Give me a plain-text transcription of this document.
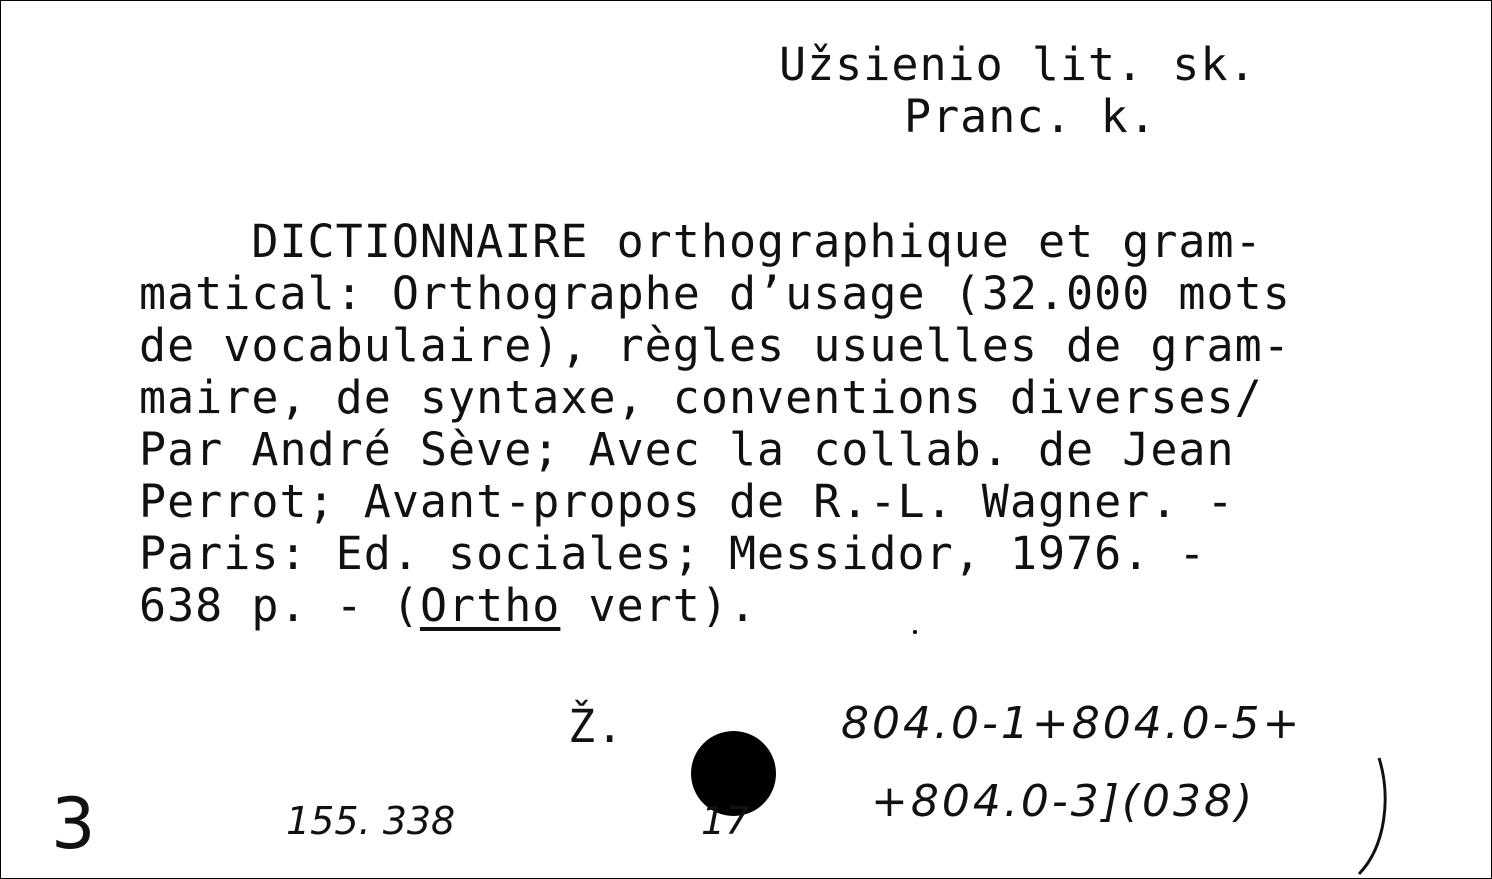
Užsienio lit. sk.
Pranc. k.
DICTIONNAIRE orthographique et gram-
matical: Orthographe d’usage (32.000 mots
de vocabulaire), règles usuelles de gram-
maire, de syntaxe, conventions diverses/
Par André Sève; Avec la collab. de Jean
Perrot; Avant-propos de R.-L. Wagner. -
Paris: Ed. sociales; Messidor, 1976. -
638 p. - (Ortho vert).
Ž.	804.0-1+804.0-5+
+804.0-3](038)
3	155. 338	17
